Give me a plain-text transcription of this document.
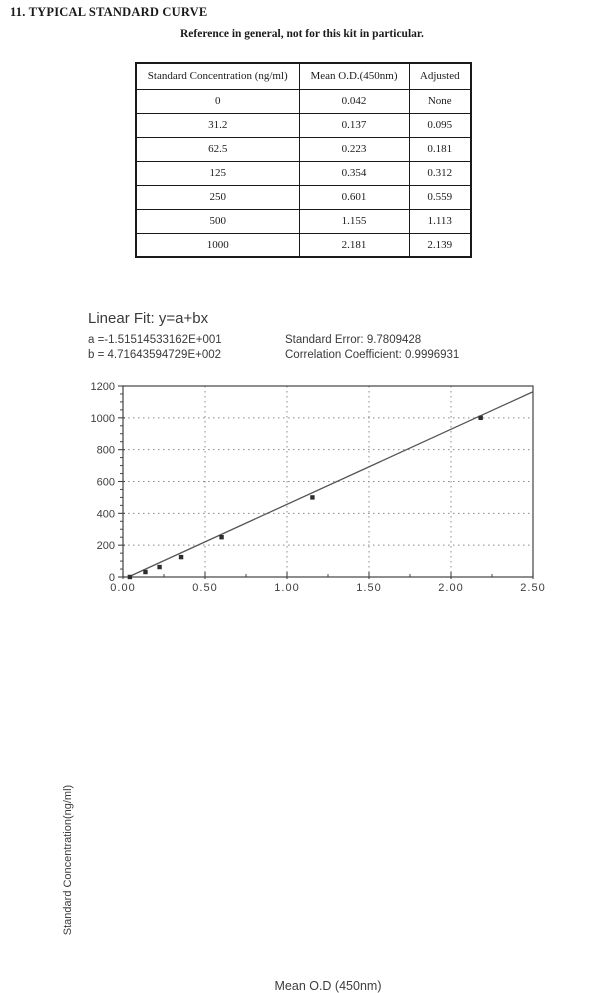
11. TYPICAL STANDARD CURVE
Reference in general, not for this kit in particular.
Standard Concentration (ng/ml)	Mean O.D.(450nm)	Adjusted
0	0.042	None
31.2	0.137	0.095
62.5	0.223	0.181
125	0.354	0.312
250	0.601	0.559
500	1.155	1.113
1000	2.181	2.139
Linear Fit: y=a+bx
a =-1.51514533162E+001
b = 4.71643594729E+002
Standard Error: 9.7809428
Correlation Coefficient: 0.9996931
0
200
400
600
800
1000
1200
0.00	0.50	1.00	1.50	2.00	2.50
Standard Concentration(ng/ml)
Mean O.D (450nm)
